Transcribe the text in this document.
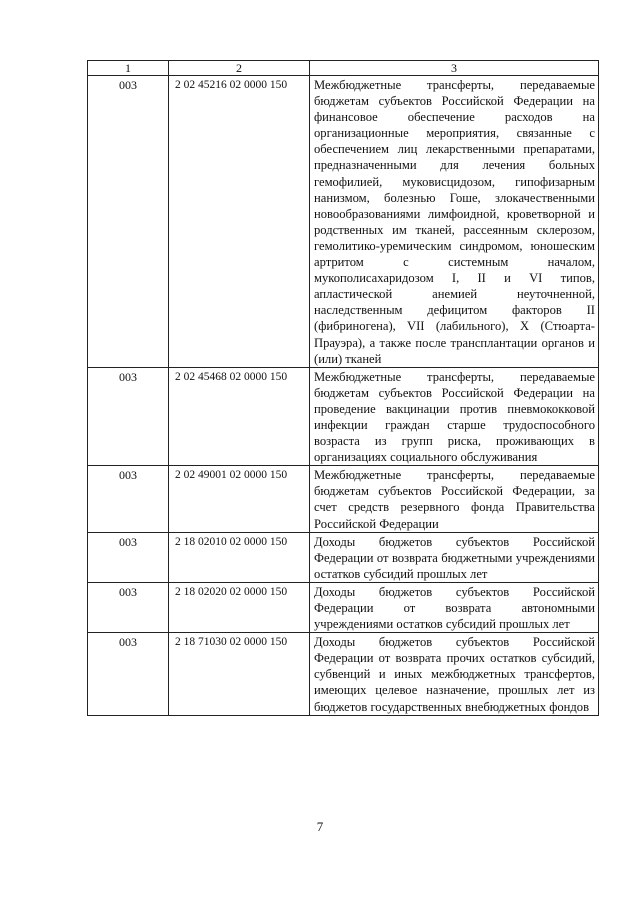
1	2	3
003	2 02 45216 02 0000 150	Межбюджетные трансферты, передаваемые бюджетам субъектов Российской Федерации на финансовое обеспечение расходов на организационные мероприятия, связанные с обеспечением лиц лекарственными препаратами, предназначенными для лечения больных гемофилией, муковисцидозом, гипофизарным нанизмом, болезнью Гоше, злокачественными новообразованиями лимфоидной, кроветворной и родственных им тканей, рассеянным склерозом, гемолитико-уремическим синдромом, юношеским артритом с системным началом, мукополисахаридозом I, II и VI типов, апластической анемией неуточненной, наследственным дефицитом факторов II (фибриногена), VII (лабильного), X (Стюарта-Прауэра), а также после трансплантации органов и (или) тканей
003	2 02 45468 02 0000 150	Межбюджетные трансферты, передаваемые бюджетам субъектов Российской Федерации на проведение вакцинации против пневмококковой инфекции граждан старше трудоспособного возраста из групп риска, проживающих в организациях социального обслуживания
003	2 02 49001 02 0000 150	Межбюджетные трансферты, передаваемые бюджетам субъектов Российской Федерации, за счет средств резервного фонда Правительства Российской Федерации
003	2 18 02010 02 0000 150	Доходы бюджетов субъектов Российской Федерации от возврата бюджетными учреждениями остатков субсидий прошлых лет
003	2 18 02020 02 0000 150	Доходы бюджетов субъектов Российской Федерации от возврата автономными учреждениями остатков субсидий прошлых лет
003	2 18 71030 02 0000 150	Доходы бюджетов субъектов Российской Федерации от возврата прочих остатков субсидий, субвенций и иных межбюджетных трансфертов, имеющих целевое назначение, прошлых лет из бюджетов государственных внебюджетных фондов
7
